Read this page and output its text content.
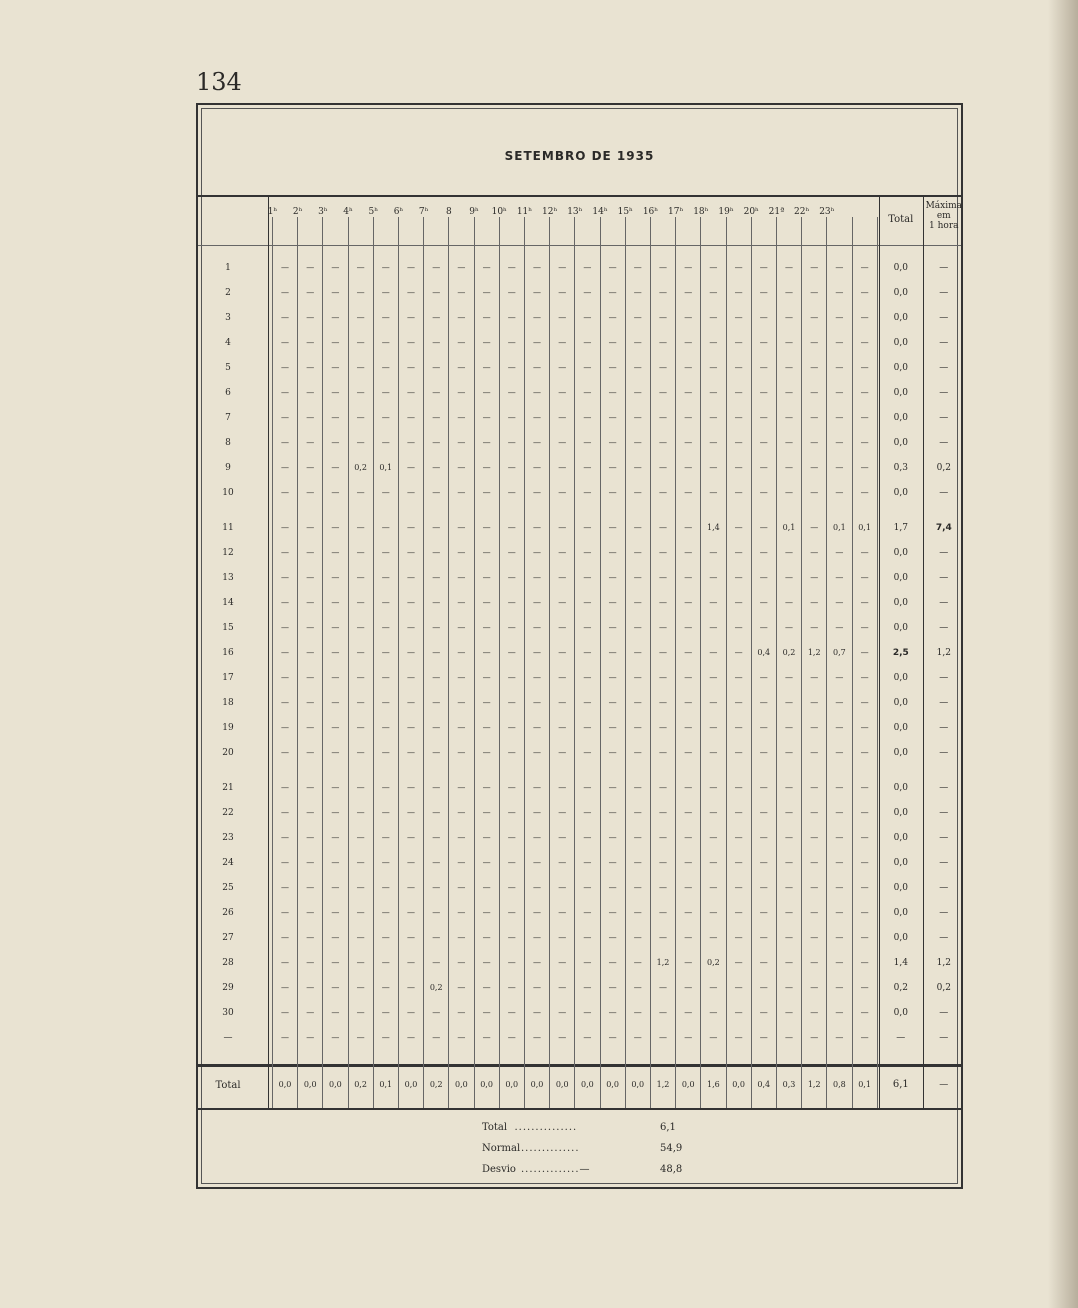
134
SETEMBRO DE 1935
1ʰ	2ʰ	3ʰ	4ʰ	5ʰ	6ʰ	7ʰ	8	9ʰ	10ʰ	11ʰ	12ʰ	13ʰ	14ʰ	15ʰ	16ʰ	17ʰ	18ʰ	19ʰ	20ʰ	21ª	22ʰ	23ʰ
Total
Máxima
em
1 hora
1	—	—	—	—	—	—	—	—	—	—	—	—	—	—	—	—	—	—	—	—	—	—	—	—	0,0	—
2	—	—	—	—	—	—	—	—	—	—	—	—	—	—	—	—	—	—	—	—	—	—	—	—	0,0	—
3	—	—	—	—	—	—	—	—	—	—	—	—	—	—	—	—	—	—	—	—	—	—	—	—	0,0	—
4	—	—	—	—	—	—	—	—	—	—	—	—	—	—	—	—	—	—	—	—	—	—	—	—	0,0	—
5	—	—	—	—	—	—	—	—	—	—	—	—	—	—	—	—	—	—	—	—	—	—	—	—	0,0	—
6	—	—	—	—	—	—	—	—	—	—	—	—	—	—	—	—	—	—	—	—	—	—	—	—	0,0	—
7	—	—	—	—	—	—	—	—	—	—	—	—	—	—	—	—	—	—	—	—	—	—	—	—	0,0	—
8	—	—	—	—	—	—	—	—	—	—	—	—	—	—	—	—	—	—	—	—	—	—	—	—	0,0	—
9	—	—	—	0,2	0,1	—	—	—	—	—	—	—	—	—	—	—	—	—	—	—	—	—	—	—	0,3	0,2
10	—	—	—	—	—	—	—	—	—	—	—	—	—	—	—	—	—	—	—	—	—	—	—	—	0,0	—
11	—	—	—	—	—	—	—	—	—	—	—	—	—	—	—	—	—	1,4	—	—	0,1	—	0,1	0,1	1,7	7,4
12	—	—	—	—	—	—	—	—	—	—	—	—	—	—	—	—	—	—	—	—	—	—	—	—	0,0	—
13	—	—	—	—	—	—	—	—	—	—	—	—	—	—	—	—	—	—	—	—	—	—	—	—	0,0	—
14	—	—	—	—	—	—	—	—	—	—	—	—	—	—	—	—	—	—	—	—	—	—	—	—	0,0	—
15	—	—	—	—	—	—	—	—	—	—	—	—	—	—	—	—	—	—	—	—	—	—	—	—	0,0	—
16	—	—	—	—	—	—	—	—	—	—	—	—	—	—	—	—	—	—	—	0,4	0,2	1,2	0,7	—	2,5	1,2
17	—	—	—	—	—	—	—	—	—	—	—	—	—	—	—	—	—	—	—	—	—	—	—	—	0,0	—
18	—	—	—	—	—	—	—	—	—	—	—	—	—	—	—	—	—	—	—	—	—	—	—	—	0,0	—
19	—	—	—	—	—	—	—	—	—	—	—	—	—	—	—	—	—	—	—	—	—	—	—	—	0,0	—
20	—	—	—	—	—	—	—	—	—	—	—	—	—	—	—	—	—	—	—	—	—	—	—	—	0,0	—
21	—	—	—	—	—	—	—	—	—	—	—	—	—	—	—	—	—	—	—	—	—	—	—	—	0,0	—
22	—	—	—	—	—	—	—	—	—	—	—	—	—	—	—	—	—	—	—	—	—	—	—	—	0,0	—
23	—	—	—	—	—	—	—	—	—	—	—	—	—	—	—	—	—	—	—	—	—	—	—	—	0,0	—
24	—	—	—	—	—	—	—	—	—	—	—	—	—	—	—	—	—	—	—	—	—	—	—	—	0,0	—
25	—	—	—	—	—	—	—	—	—	—	—	—	—	—	—	—	—	—	—	—	—	—	—	—	0,0	—
26	—	—	—	—	—	—	—	—	—	—	—	—	—	—	—	—	—	—	—	—	—	—	—	—	0,0	—
27	—	—	—	—	—	—	—	—	—	—	—	—	—	—	—	—	—	—	—	—	—	—	—	—	0,0	—
28	—	—	—	—	—	—	—	—	—	—	—	—	—	—	—	1,2	—	0,2	—	—	—	—	—	—	1,4	1,2
29	—	—	—	—	—	—	0,2	—	—	—	—	—	—	—	—	—	—	—	—	—	—	—	—	—	0,2	0,2
30	—	—	—	—	—	—	—	—	—	—	—	—	—	—	—	—	—	—	—	—	—	—	—	—	0,0	—
—	—	—	—	—	—	—	—	—	—	—	—	—	—	—	—	—	—	—	—	—	—	—	—	—	—	—
Total	0,0	0,0	0,0	0,2	0,1	0,0	0,2	0,0	0,0	0,0	0,0	0,0	0,0	0,0	0,0	1,2	0,0	1,6	0,0	0,4	0,3	1,2	0,8	0,1	6,1	—
Total ...............	6,1
Normal ..............	54,9
Desvio ..............—	48,8
